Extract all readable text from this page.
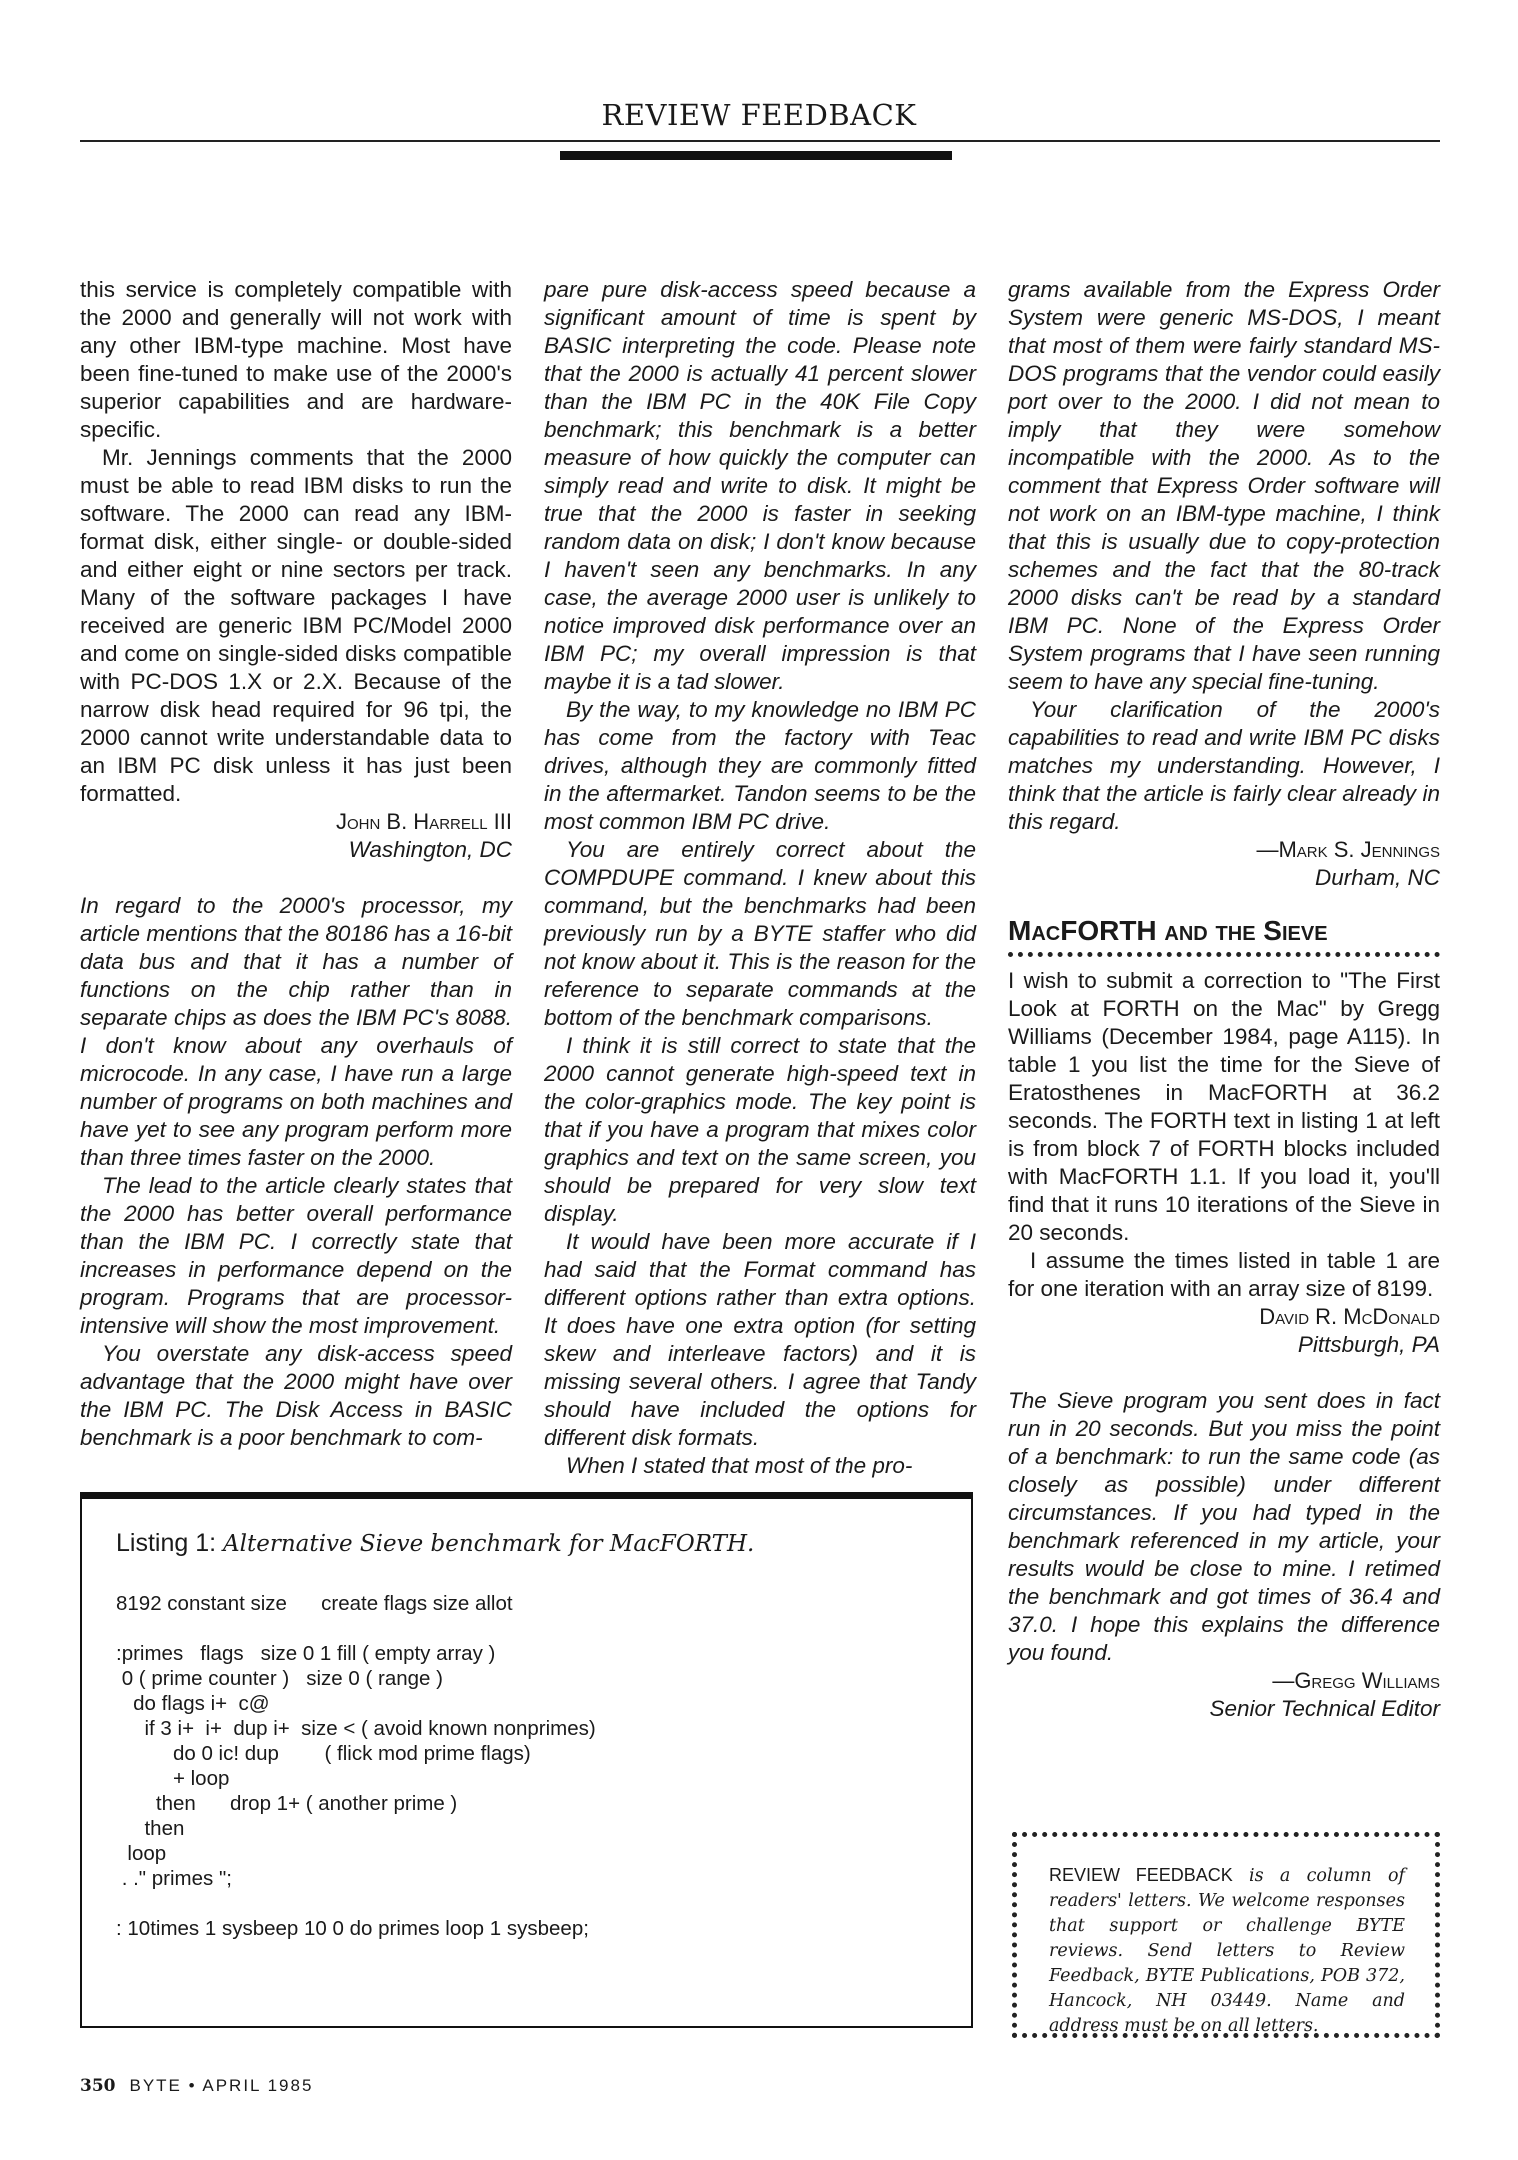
REVIEW FEEDBACK

this service is completely compatible with the 2000 and generally will not work with any other IBM-type machine. Most have been fine-tuned to make use of the 2000's superior capabilities and are hardware-specific.

Mr. Jennings comments that the 2000 must be able to read IBM disks to run the software. The 2000 can read any IBM-format disk, either single- or double-sided and either eight or nine sectors per track. Many of the software packages I have received are generic IBM PC/Model 2000 and come on single-sided disks compatible with PC-DOS 1.X or 2.X. Because of the narrow disk head required for 96 tpi, the 2000 cannot write understandable data to an IBM PC disk unless it has just been formatted.

John B. Harrell III
Washington, DC

In regard to the 2000's processor, my article mentions that the 80186 has a 16-bit data bus and that it has a number of functions on the chip rather than in separate chips as does the IBM PC's 8088. I don't know about any overhauls of microcode. In any case, I have run a large number of programs on both machines and have yet to see any program perform more than three times faster on the 2000.

The lead to the article clearly states that the 2000 has better overall performance than the IBM PC. I correctly state that increases in performance depend on the program. Programs that are processor-intensive will show the most improvement.

You overstate any disk-access speed advantage that the 2000 might have over the IBM PC. The Disk Access in BASIC benchmark is a poor benchmark to com-

pare pure disk-access speed because a significant amount of time is spent by BASIC interpreting the code. Please note that the 2000 is actually 41 percent slower than the IBM PC in the 40K File Copy benchmark; this benchmark is a better measure of how quickly the computer can simply read and write to disk. It might be true that the 2000 is faster in seeking random data on disk; I don't know because I haven't seen any benchmarks. In any case, the average 2000 user is unlikely to notice improved disk performance over an IBM PC; my overall impression is that maybe it is a tad slower.

By the way, to my knowledge no IBM PC has come from the factory with Teac drives, although they are commonly fitted in the aftermarket. Tandon seems to be the most common IBM PC drive.

You are entirely correct about the COMPDUPE command. I knew about this command, but the benchmarks had been previously run by a BYTE staffer who did not know about it. This is the reason for the reference to separate commands at the bottom of the benchmark comparisons.

I think it is still correct to state that the 2000 cannot generate high-speed text in the color-graphics mode. The key point is that if you have a program that mixes color graphics and text on the same screen, you should be prepared for very slow text display.

It would have been more accurate if I had said that the Format command has different options rather than extra options. It does have one extra option (for setting skew and interleave factors) and it is missing several others. I agree that Tandy should have included the options for different disk formats.

When I stated that most of the pro-

grams available from the Express Order System were generic MS-DOS, I meant that most of them were fairly standard MS-DOS programs that the vendor could easily port over to the 2000. I did not mean to imply that they were somehow incompatible with the 2000. As to the comment that Express Order software will not work on an IBM-type machine, I think that this is usually due to copy-protection schemes and the fact that the 80-track 2000 disks can't be read by a standard IBM PC. None of the Express Order System programs that I have seen running seem to have any special fine-tuning.

Your clarification of the 2000's capabilities to read and write IBM PC disks matches my understanding. However, I think that the article is fairly clear already in this regard.

—Mark S. Jennings
Durham, NC
MacFORTH and the Sieve

I wish to submit a correction to "The First Look at FORTH on the Mac" by Gregg Williams (December 1984, page A115). In table 1 you list the time for the Sieve of Eratosthenes in MacFORTH at 36.2 seconds. The FORTH text in listing 1 at left is from block 7 of FORTH blocks included with MacFORTH 1.1. If you load it, you'll find that it runs 10 iterations of the Sieve in 20 seconds.

I assume the times listed in table 1 are for one iteration with an array size of 8199.

David R. McDonald
Pittsburgh, PA

The Sieve program you sent does in fact run in 20 seconds. But you miss the point of a benchmark: to run the same code (as closely as possible) under different circumstances. If you had typed in the benchmark referenced in my article, your results would be close to mine. I retimed the benchmark and got times of 36.4 and 37.0. I hope this explains the difference you found.

—Gregg Williams
Senior Technical Editor
Listing 1: Alternative Sieve benchmark for MacFORTH.
8192 constant size      create flags size allot

:primes   flags   size 0 1 fill ( empty array )
0 ( prime counter )   size 0 ( range )
do flags i+  c@
if 3 i+  i+  dup i+  size < ( avoid known nonprimes)
do 0 ic! dup        ( flick mod prime flags)
+ loop
then      drop 1+ ( another prime )
then
loop
. ." primes ";

: 10times 1 sysbeep 10 0 do primes loop 1 sysbeep;
REVIEW FEEDBACK is a column of readers' letters. We welcome responses that support or challenge BYTE reviews. Send letters to Review Feedback, BYTE Publications, POB 372, Hancock, NH 03449. Name and address must be on all letters.
350 BYTE • APRIL 1985
